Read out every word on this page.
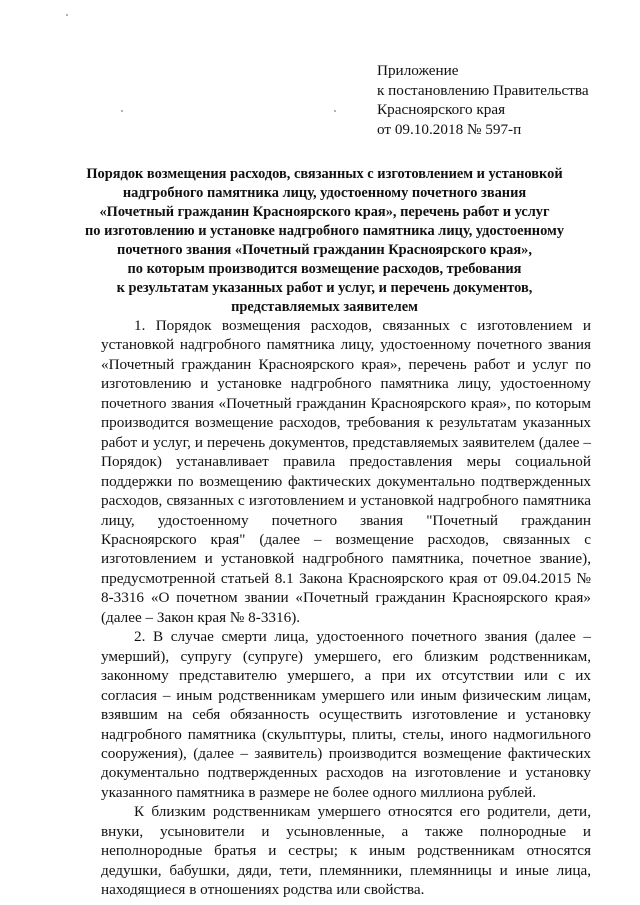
Приложение
к постановлению Правительства
Красноярского края
от 09.10.2018 № 597-п
Порядок возмещения расходов, связанных с изготовлением и установкой
надгробного памятника лицу, удостоенному почетного звания
«Почетный гражданин Красноярского края», перечень работ и услуг
по изготовлению и установке надгробного памятника лицу, удостоенному
почетного звания «Почетный гражданин Красноярского края»,
по которым производится возмещение расходов, требования
к результатам указанных работ и услуг, и перечень документов,
представляемых заявителем

1. Порядок возмещения расходов, связанных с изготовлением и установкой надгробного памятника лицу, удостоенному почетного звания «Почетный гражданин Красноярского края», перечень работ и услуг по изготовлению и установке надгробного памятника лицу, удостоенному почетного звания «Почетный гражданин Красноярского края», по которым производится возмещение расходов, требования к результатам указанных работ и услуг, и перечень документов, представляемых заявителем (далее – Порядок) устанавливает правила предоставления меры социальной поддержки по возмещению фактических документально подтвержденных расходов, связанных с изготовлением и установкой надгробного памятника лицу, удостоенному почетного звания "Почетный гражданин Красноярского края" (далее – возмещение расходов, связанных с изготовлением и установкой надгробного памятника, почетное звание), предусмотренной статьей 8.1 Закона Красноярского края от 09.04.2015 № 8-3316 «О почетном звании «Почетный гражданин Красноярского края» (далее – Закон края № 8-3316).

2. В случае смерти лица, удостоенного почетного звания (далее – умерший), супругу (супруге) умершего, его близким родственникам, законному представителю умершего, а при их отсутствии или с их согласия – иным родственникам умершего или иным физическим лицам, взявшим на себя обязанность осуществить изготовление и установку надгробного памятника (скульптуры, плиты, стелы, иного надмогильного сооружения), (далее – заявитель) производится возмещение фактических документально подтвержденных расходов на изготовление и установку указанного памятника в размере не более одного миллиона рублей.

К близким родственникам умершего относятся его родители, дети, внуки, усыновители и усыновленные, а также полнородные и неполнородные братья и сестры; к иным родственникам относятся дедушки, бабушки, дяди, тети, племянники, племянницы и иные лица, находящиеся в отношениях родства или свойства.
